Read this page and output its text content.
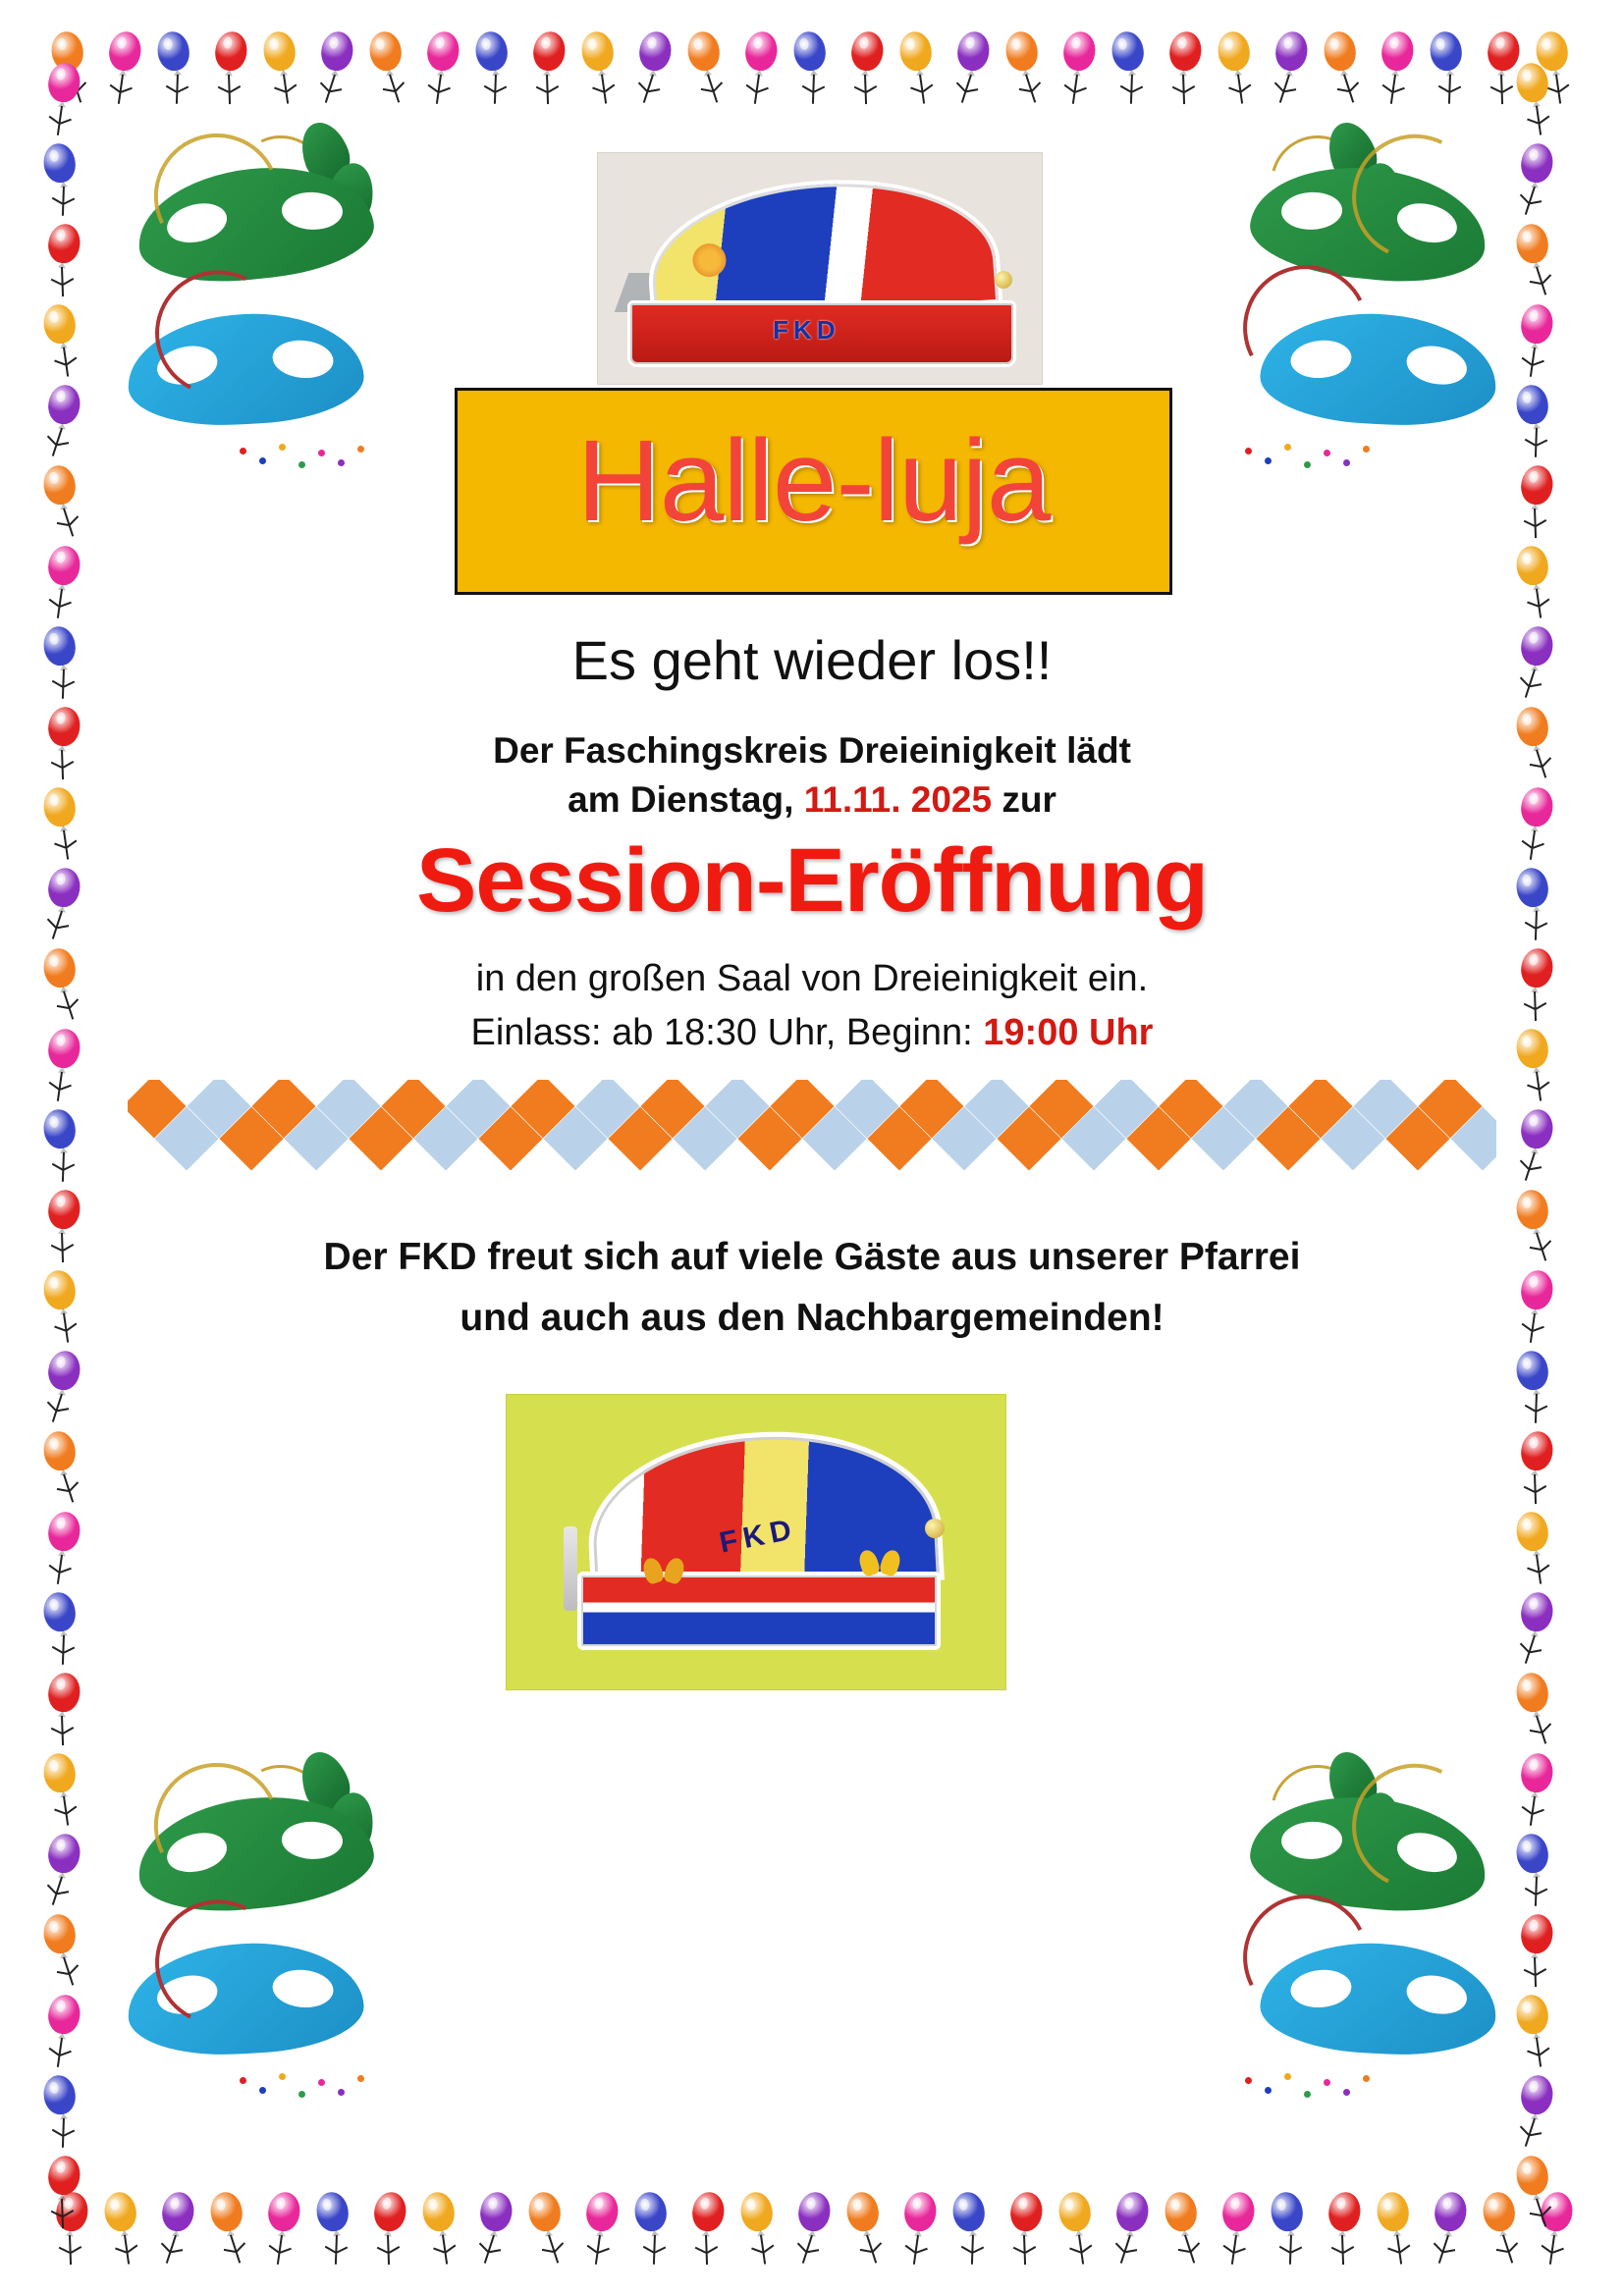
FKD
Halle-luja
Es geht wieder los!!
Der Faschingskreis Dreieinigkeit lädt
am Dienstag, 11.11. 2025 zur
Session-Eröffnung
in den großen Saal von Dreieinigkeit ein.
Einlass: ab 18:30 Uhr, Beginn: 19:00 Uhr
Der FKD freut sich auf viele Gäste aus unserer Pfarrei
und auch aus den Nachbargemeinden!
FKD
